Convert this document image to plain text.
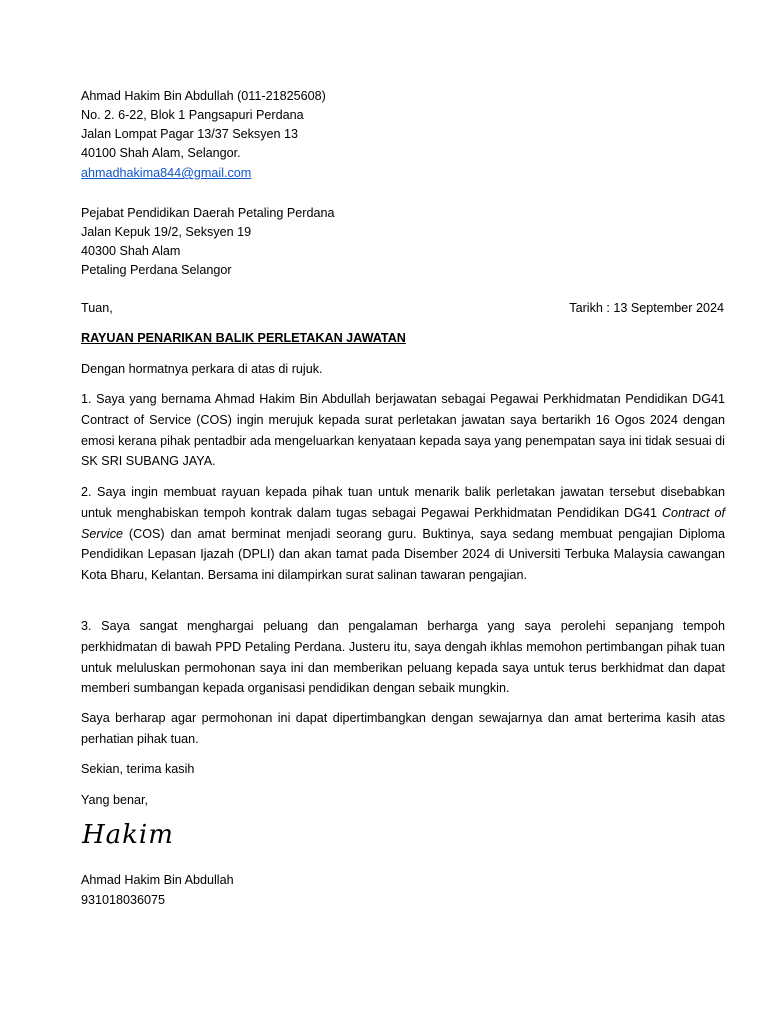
Ahmad Hakim Bin Abdullah (011-21825608)
No. 2. 6-22, Blok 1 Pangsapuri Perdana
Jalan Lompat Pagar 13/37 Seksyen 13
40100 Shah Alam, Selangor.
ahmadhakima844@gmail.com
Pejabat Pendidikan Daerah Petaling Perdana
Jalan Kepuk 19/2, Seksyen 19
40300 Shah Alam
Petaling Perdana Selangor
Tuan,	Tarikh : 13 September 2024
RAYUAN PENARIKAN BALIK PERLETAKAN JAWATAN
Dengan hormatnya perkara di atas di rujuk.

1. Saya yang bernama Ahmad Hakim Bin Abdullah berjawatan sebagai Pegawai Perkhidmatan Pendidikan DG41 Contract of Service (COS) ingin merujuk kepada surat perletakan jawatan saya bertarikh 16 Ogos 2024 dengan emosi kerana pihak pentadbir ada mengeluarkan kenyataan kepada saya yang penempatan saya ini tidak sesuai di SK SRI SUBANG JAYA.

2. Saya ingin membuat rayuan kepada pihak tuan untuk menarik balik perletakan jawatan tersebut disebabkan untuk menghabiskan tempoh kontrak dalam tugas sebagai Pegawai Perkhidmatan Pendidikan DG41 Contract of Service (COS) dan amat berminat menjadi seorang guru. Buktinya, saya sedang membuat pengajian Diploma Pendidikan Lepasan Ijazah (DPLI) dan akan tamat pada Disember 2024 di Universiti Terbuka Malaysia cawangan Kota Bharu, Kelantan. Bersama ini dilampirkan surat salinan tawaran pengajian.

3. Saya sangat menghargai peluang dan pengalaman berharga yang saya perolehi sepanjang tempoh perkhidmatan di bawah PPD Petaling Perdana. Justeru itu, saya dengah ikhlas memohon pertimbangan pihak tuan untuk meluluskan permohonan saya ini dan memberikan peluang kepada saya untuk terus berkhidmat dan dapat memberi sumbangan kepada organisasi pendidikan dengan sebaik mungkin.

Saya berharap agar permohonan ini dapat dipertimbangkan dengan sewajarnya dan amat berterima kasih atas perhatian pihak tuan.

Sekian, terima kasih
Yang benar,
Hakim
Ahmad Hakim Bin Abdullah
931018036075
